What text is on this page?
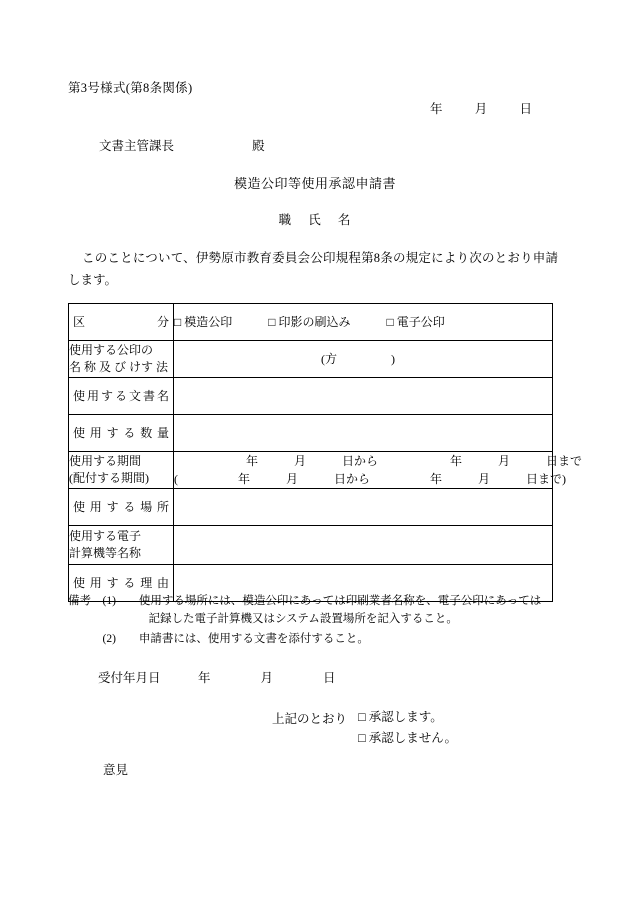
第3号様式(第8条関係)
年	月	日
文書主管課長	殿
模造公印等使用承認申請書
職 氏 名
このことについて、伊勢原市教育委員会公印規程第8条の規定により次のとおり申請します。
区　　　分	□ 模造公印 □ 印影の刷込み □ 電子公印

使用する公印の
名 称 及 び けす 法	(方 )

使用する文書名	

使用する数量	

使用する期間
(配付する期間)	　　　　　　年　　　月　　　日から　　　　　　年　　　月　　　日まで
(　　　　　年　　　月　　　日から　　　　　年　　　月　　　日まで)

使用する場所	

使用する電子
計算機等名称	

使用する理由	

備考　 (1)　　 使用する場所には、模造公印にあっては印刷業者名称を、電子公印にあっては
　　　　　　　記録した電子計算機又はシステム設置場所を記入すること。
　　　(2)　　 申請書には、使用する文書を添付すること。
受付年月日　　　年　　　　月　　　　日
上記のとおり □ 承認します。
□ 承認しません。
意見
